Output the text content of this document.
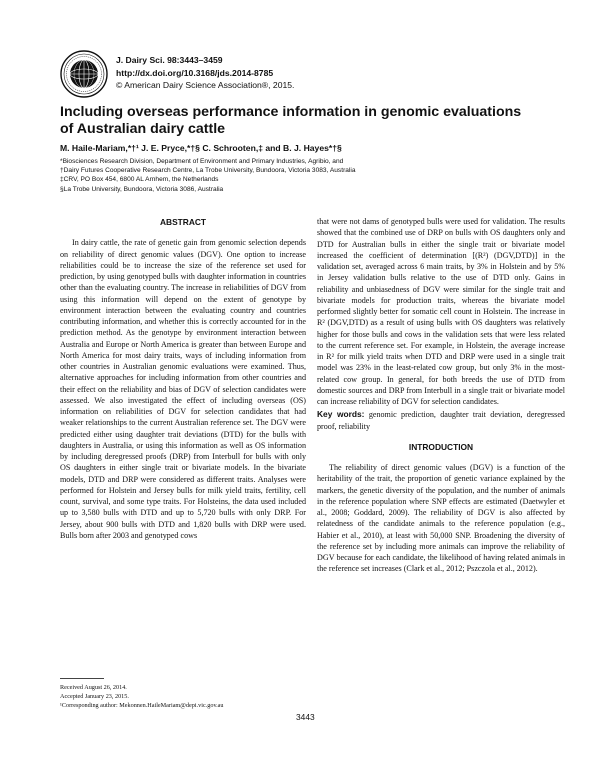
J. Dairy Sci. 98:3443–3459
http://dx.doi.org/10.3168/jds.2014-8785
© American Dairy Science Association®, 2015.
Including overseas performance information in genomic evaluations of Australian dairy cattle
M. Haile-Mariam,*†¹ J. E. Pryce,*†§ C. Schrooten,‡ and B. J. Hayes*†§
*Biosciences Research Division, Department of Environment and Primary Industries, Agribio, and
†Dairy Futures Cooperative Research Centre, La Trobe University, Bundoora, Victoria 3083, Australia
‡CRV, PO Box 454, 6800 AL Arnhem, the Netherlands
§La Trobe University, Bundoora, Victoria 3086, Australia
ABSTRACT

In dairy cattle, the rate of genetic gain from genomic selection depends on reliability of direct genomic values (DGV). One option to increase reliabilities could be to increase the size of the reference set used for prediction, by using genotyped bulls with daughter information in countries other than the evaluating country. The increase in reliabilities of DGV from using this information will depend on the extent of genotype by environment interaction between the evaluating country and countries contributing information, and whether this is correctly accounted for in the prediction method. As the genotype by environment interaction between Australia and Europe or North America is greater than between Europe and North America for most dairy traits, ways of including information from other countries in Australian genomic evaluations were examined. Thus, alternative approaches for including information from other countries and their effect on the reliability and bias of DGV of selection candidates were assessed. We also investigated the effect of including overseas (OS) information on reliabilities of DGV for selection candidates that had weaker relationships to the current Australian reference set. The DGV were predicted either using daughter trait deviations (DTD) for the bulls with daughters in Australia, or using this information as well as OS information by including deregressed proofs (DRP) from Interbull for bulls with only OS daughters in either single trait or bivariate models. In the bivariate models, DTD and DRP were considered as different traits. Analyses were performed for Holstein and Jersey bulls for milk yield traits, fertility, cell count, survival, and some type traits. For Holsteins, the data used included up to 3,580 bulls with DTD and up to 5,720 bulls with only DRP. For Jersey, about 900 bulls with DTD and 1,820 bulls with DRP were used. Bulls born after 2003 and genotyped cows

that were not dams of genotyped bulls were used for validation. The results showed that the combined use of DRP on bulls with OS daughters only and DTD for Australian bulls in either the single trait or bivariate model increased the coefficient of determination [(R²) (DGV,DTD)] in the validation set, averaged across 6 main traits, by 3% in Holstein and by 5% in Jersey validation bulls relative to the use of DTD only. Gains in reliability and unbiasedness of DGV were similar for the single trait and bivariate models for production traits, whereas the bivariate model performed slightly better for somatic cell count in Holstein. The increase in R² (DGV,DTD) as a result of using bulls with OS daughters was relatively higher for those bulls and cows in the validation sets that were less related to the current reference set. For example, in Holstein, the average increase in R² for milk yield traits when DTD and DRP were used in a single trait model was 23% in the least-related cow group, but only 3% in the most-related cow group. In general, for both breeds the use of DTD from domestic sources and DRP from Interbull in a single trait or bivariate model can increase reliability of DGV for selection candidates.

Key words: genomic prediction, daughter trait deviation, deregressed proof, reliability

INTRODUCTION

The reliability of direct genomic values (DGV) is a function of the heritability of the trait, the proportion of genetic variance explained by the markers, the genetic diversity of the population, and the number of animals in the reference population where SNP effects are estimated (Daetwyler et al., 2008; Goddard, 2009). The reliability of DGV is also affected by relatedness of the candidate animals to the reference population (e.g., Habier et al., 2010), at least with 50,000 SNP. Broadening the diversity of the reference set by including more animals can improve the reliability of DGV because for each candidate, the likelihood of having related animals in the reference set increases (Clark et al., 2012; Pszczola et al., 2012).

Received August 26, 2014.
Accepted January 23, 2015.
¹Corresponding author: Mekonnen.HaileMariam@depi.vic.gov.au
3443
